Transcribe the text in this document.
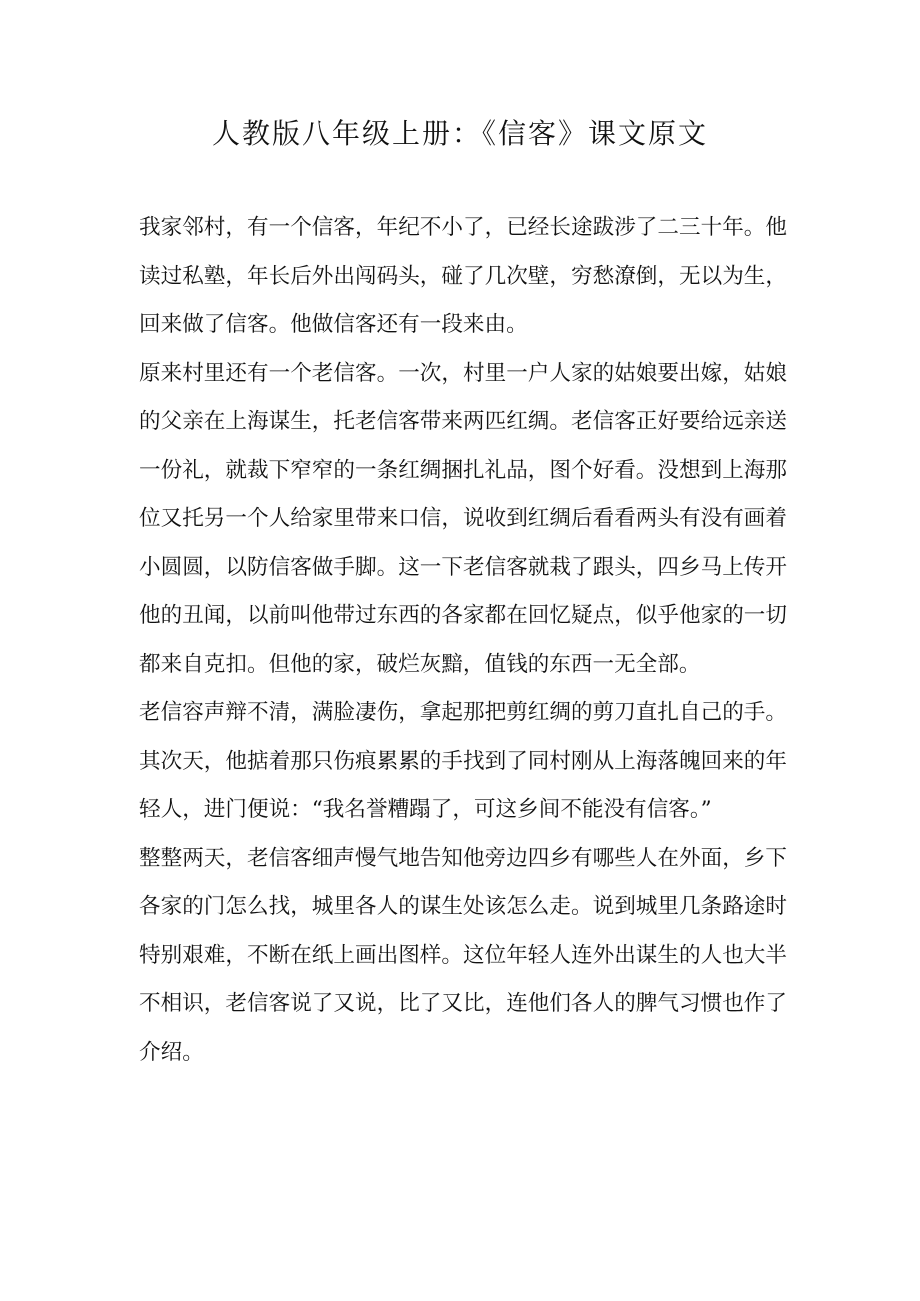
人教版八年级上册：《信客》课文原文

我家邻村，有一个信客，年纪不小了，已经长途跋涉了二三十年。他读过私塾，年长后外出闯码头，碰了几次壁，穷愁潦倒，无以为生，回来做了信客。他做信客还有一段来由。

原来村里还有一个老信客。一次，村里一户人家的姑娘要出嫁，姑娘的父亲在上海谋生，托老信客带来两匹红绸。老信客正好要给远亲送一份礼，就裁下窄窄的一条红绸捆扎礼品，图个好看。没想到上海那位又托另一个人给家里带来口信，说收到红绸后看看两头有没有画着小圆圆，以防信客做手脚。这一下老信客就栽了跟头，四乡马上传开他的丑闻，以前叫他带过东西的各家都在回忆疑点，似乎他家的一切都来自克扣。但他的家，破烂灰黯，值钱的东西一无全部。

老信容声辩不清，满脸凄伤，拿起那把剪红绸的剪刀直扎自己的手。其次天，他掂着那只伤痕累累的手找到了同村刚从上海落魄回来的年轻人，进门便说：“我名誉糟蹋了，可这乡间不能没有信客。”

整整两天，老信客细声慢气地告知他旁边四乡有哪些人在外面，乡下各家的门怎么找，城里各人的谋生处该怎么走。说到城里几条路途时特别艰难，不断在纸上画出图样。这位年轻人连外出谋生的人也大半不相识，老信客说了又说，比了又比，连他们各人的脾气习惯也作了介绍。
